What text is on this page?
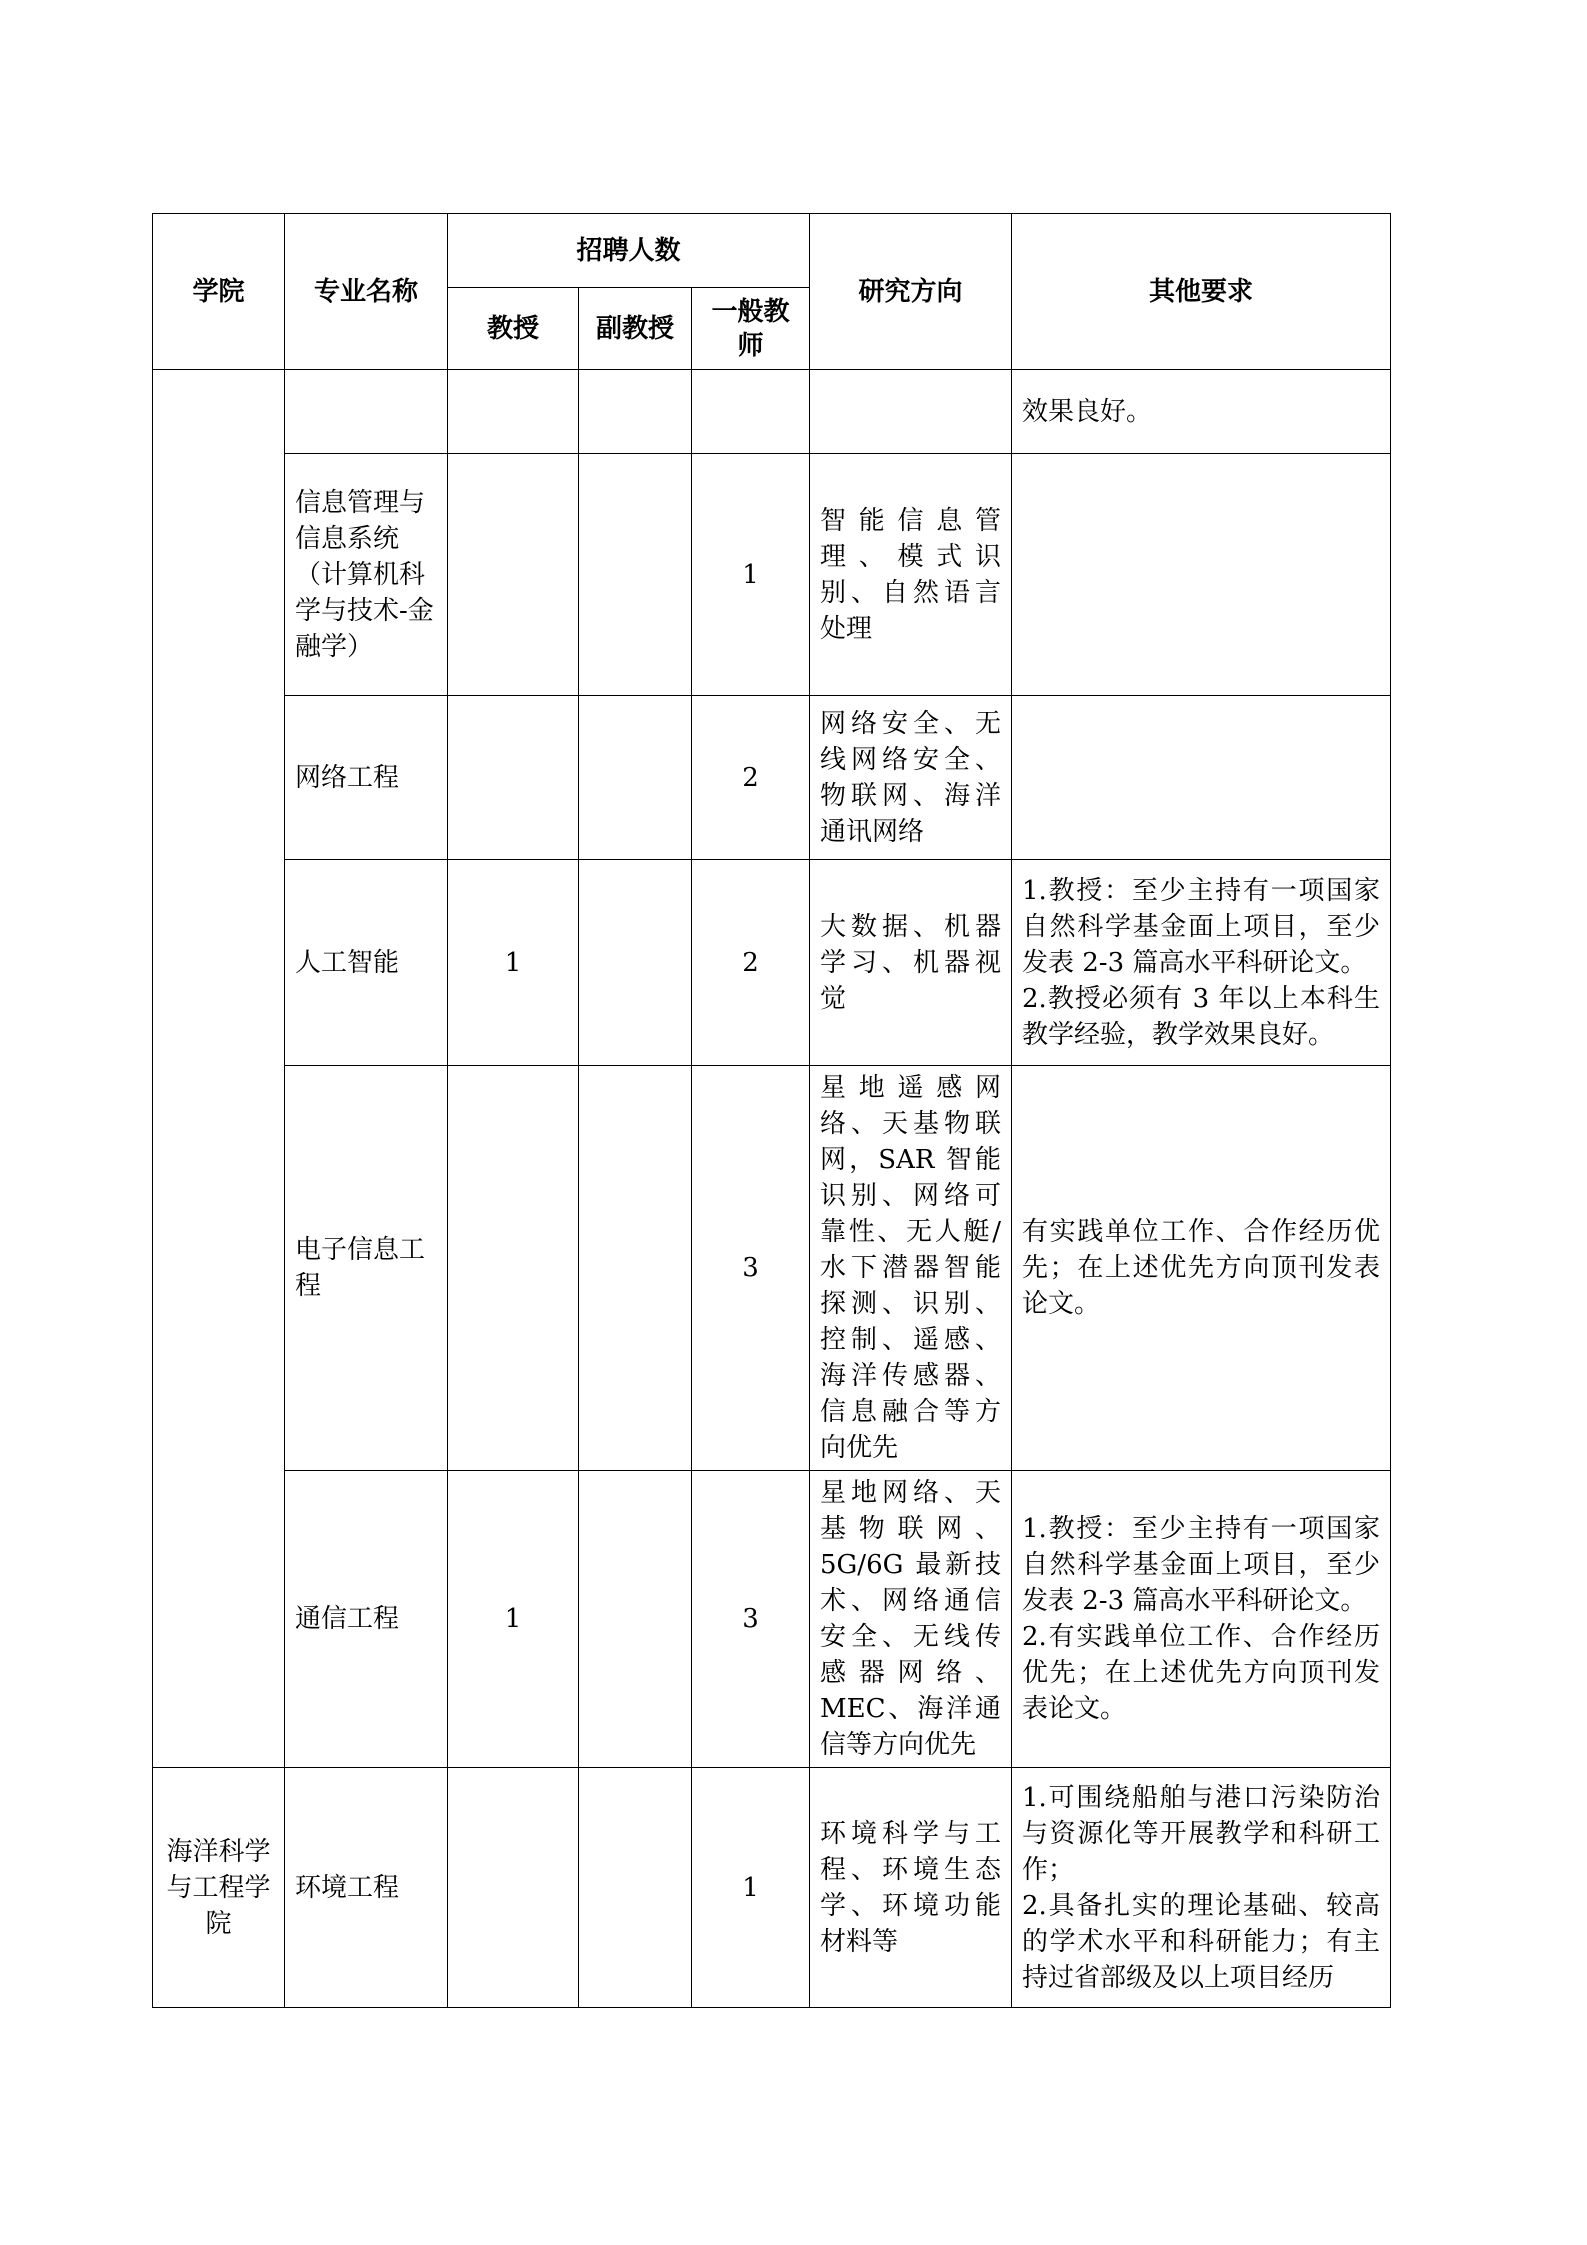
学院	专业名称	招聘人数			研究方向	其他要求
		教授	副教授	一般教师		

						效果良好。

	信息管理与信息系统（计算机科学与技术-金融学）			1	智能信息管理、模式识别、自然语言处理	
	网络工程			2	网络安全、无线网络安全、物联网、海洋通讯网络	
	人工智能	1		2	大数据、机器学习、机器视觉	1.教授：至少主持有一项国家自然科学基金面上项目，至少发表 2-3 篇高水平科研论文。
2.教授必须有 3 年以上本科生教学经验，教学效果良好。

	电子信息工程			3	星地遥感网络、天基物联网，SAR 智能识别、网络可靠性、无人艇/水下潜器智能探测、识别、控制、遥感、海洋传感器、信息融合等方向优先	有实践单位工作、合作经历优先；在上述优先方向顶刊发表论文。

	通信工程	1		3	星地网络、天基物联网、5G/6G 最新技术、网络通信安全、无线传感器网络、MEC、海洋通信等方向优先	1.教授：至少主持有一项国家自然科学基金面上项目，至少发表 2-3 篇高水平科研论文。
2.有实践单位工作、合作经历优先；在上述优先方向顶刊发表论文。

海洋科学与工程学院	环境工程			1	环境科学与工程、环境生态学、环境功能材料等	1.可围绕船舶与港口污染防治与资源化等开展教学和科研工作；
2.具备扎实的理论基础、较高的学术水平和科研能力；有主持过省部级及以上项目经历
